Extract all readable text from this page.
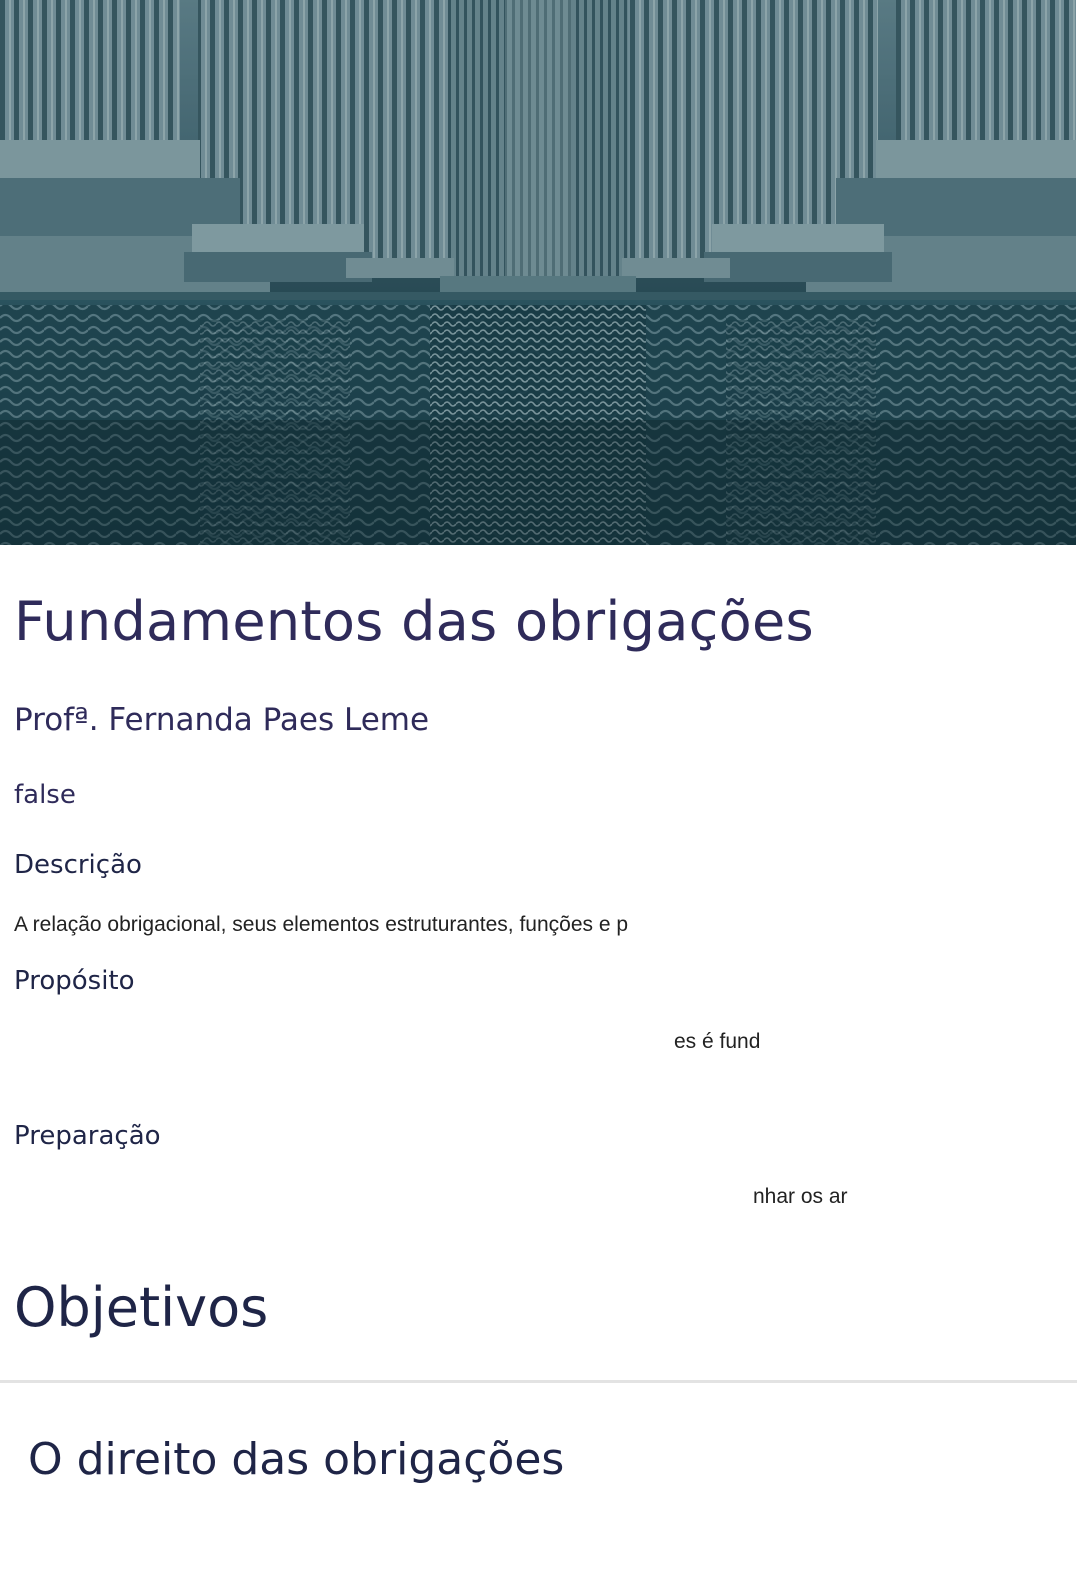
Fundamentos das obrigações
Profª. Fernanda Paes Leme

false

Descrição

A relação obrigacional, seus elementos estruturantes, funções e p

Propósito

es é fund

Preparação

nhar os ar

Objetivos
O direito das obrigações
